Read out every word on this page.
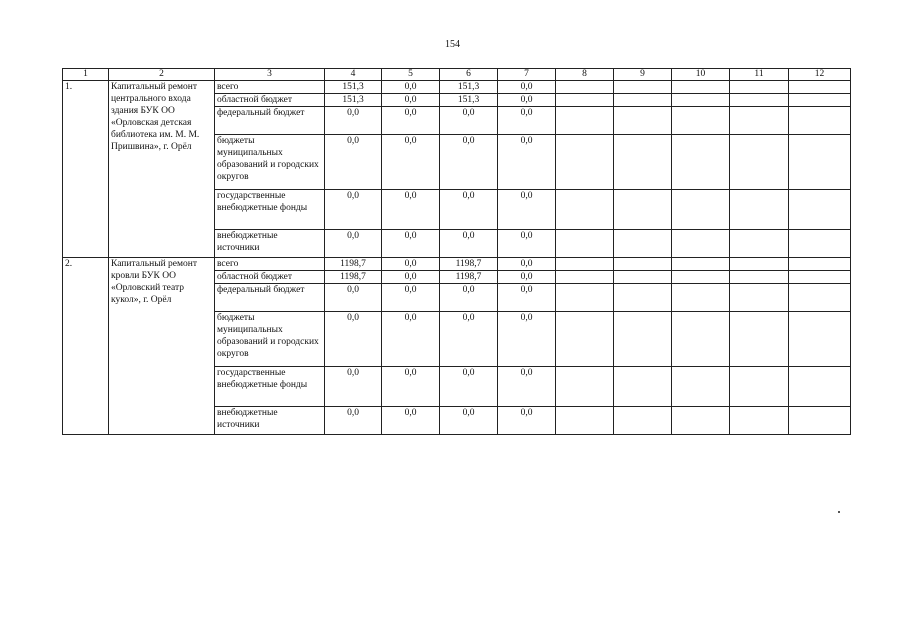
154
1	2	3	4	5	6	7	8	9	10	11	12
1.	Капитальный ремонт центрального входа здания БУК ОО «Орловская детская библиотека им. М. М. Пришвина», г. Орёл	всего	151,3	0,0	151,3	0,0					
		областной бюджет	151,3	0,0	151,3	0,0					
		федеральный бюджет	0,0	0,0	0,0	0,0					
		бюджеты муниципальных образований и городских округов	0,0	0,0	0,0	0,0					
		государственные внебюджетные фонды	0,0	0,0	0,0	0,0					
		внебюджетные источники	0,0	0,0	0,0	0,0					
2.	Капитальный ремонт кровли БУК ОО «Орловский театр кукол», г. Орёл	всего	1198,7	0,0	1198,7	0,0					
		областной бюджет	1198,7	0,0	1198,7	0,0					
		федеральный бюджет	0,0	0,0	0,0	0,0					
		бюджеты муниципальных образований и городских округов	0,0	0,0	0,0	0,0					
		государственные внебюджетные фонды	0,0	0,0	0,0	0,0					
		внебюджетные источники	0,0	0,0	0,0	0,0					
